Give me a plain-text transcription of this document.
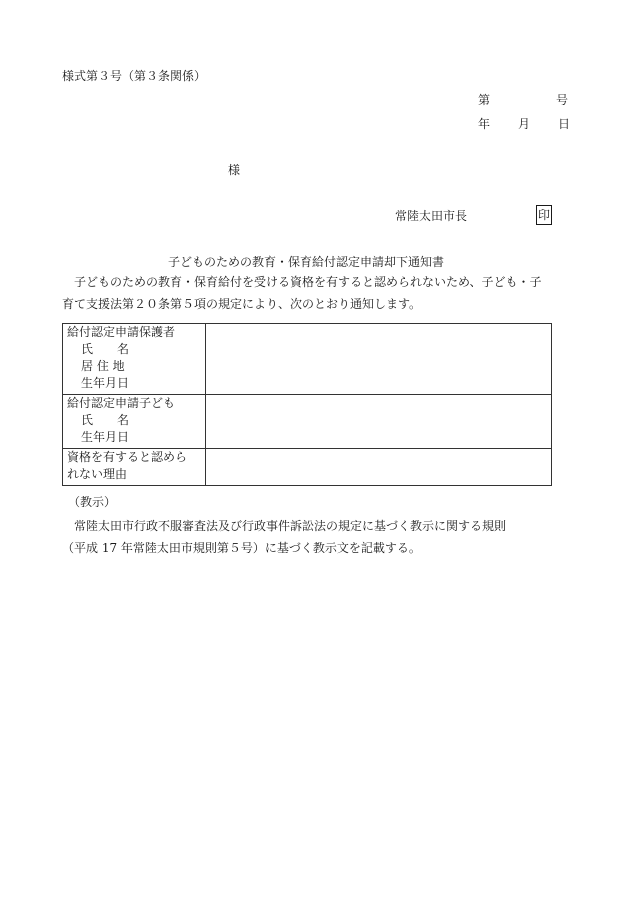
様式第３号（第３条関係）
第	号
年 月 日
様
常陸太田市長	印
子どものための教育・保育給付認定申請却下通知書
子どものための教育・保育給付を受ける資格を有すると認められないため、子ども・子
育て支援法第２０条第５項の規定により、次のとおり通知します。
給付認定申請保護者
氏　　名
居 住 地
生年月日	

給付認定申請子ども
氏　　名
生年月日	

資格を有すると認めら
れない理由	

（教示）
常陸太田市行政不服審査法及び行政事件訴訟法の規定に基づく教示に関する規則
（平成 17 年常陸太田市規則第５号）に基づく教示文を記載する。
